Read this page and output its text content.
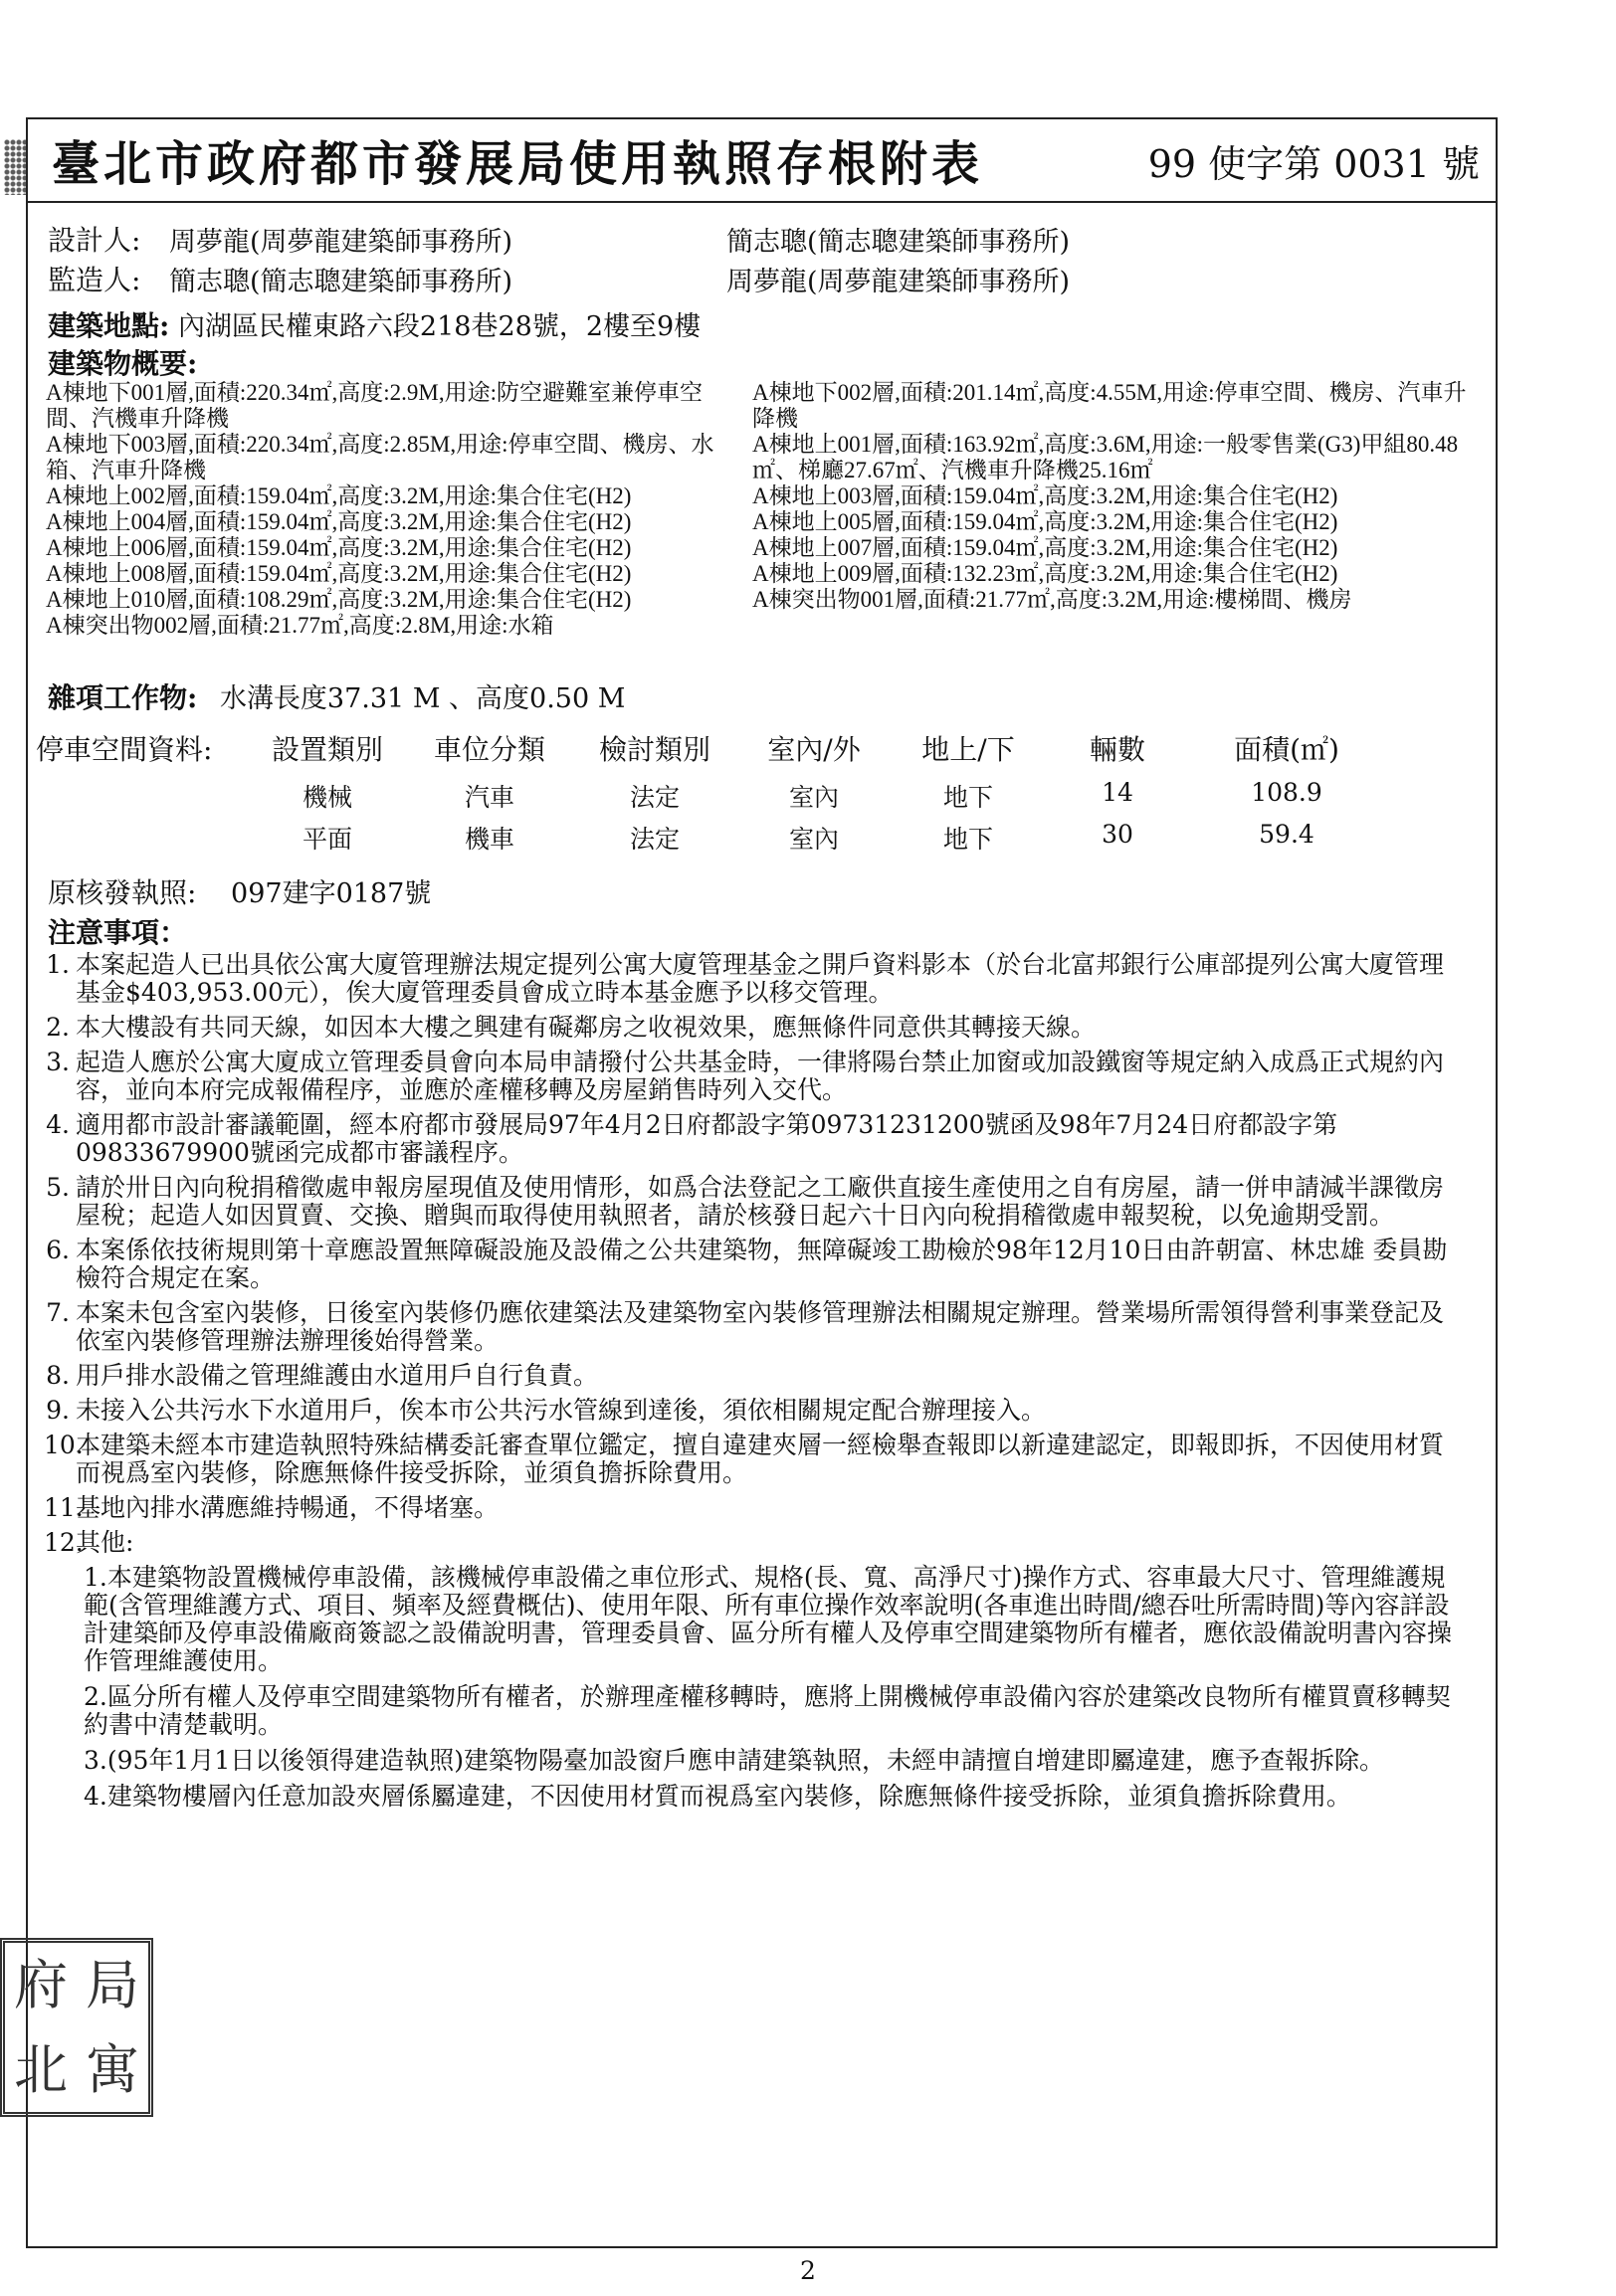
臺北市政府都市發展局使用執照存根附表	99 使字第 0031 號
設計人: 周夢龍(周夢龍建築師事務所)	簡志聰(簡志聰建築師事務所)
監造人: 簡志聰(簡志聰建築師事務所)	周夢龍(周夢龍建築師事務所)
建築地點: 內湖區民權東路六段218巷28號，2樓至9樓
建築物概要:
A棟地下001層,面積:220.34㎡,高度:2.9M,用途:防空避難室兼停車空間、汽機車升降機
A棟地下002層,面積:201.14㎡,高度:4.55M,用途:停車空間、機房、汽車升降機
A棟地下003層,面積:220.34㎡,高度:2.85M,用途:停車空間、機房、水箱、汽車升降機
A棟地上001層,面積:163.92㎡,高度:3.6M,用途:一般零售業(G3)甲組80.48㎡、梯廳27.67㎡、汽機車升降機25.16㎡
A棟地上002層,面積:159.04㎡,高度:3.2M,用途:集合住宅(H2)	A棟地上003層,面積:159.04㎡,高度:3.2M,用途:集合住宅(H2)
A棟地上004層,面積:159.04㎡,高度:3.2M,用途:集合住宅(H2)	A棟地上005層,面積:159.04㎡,高度:3.2M,用途:集合住宅(H2)
A棟地上006層,面積:159.04㎡,高度:3.2M,用途:集合住宅(H2)	A棟地上007層,面積:159.04㎡,高度:3.2M,用途:集合住宅(H2)
A棟地上008層,面積:159.04㎡,高度:3.2M,用途:集合住宅(H2)	A棟地上009層,面積:132.23㎡,高度:3.2M,用途:集合住宅(H2)
A棟地上010層,面積:108.29㎡,高度:3.2M,用途:集合住宅(H2)	A棟突出物001層,面積:21.77㎡,高度:3.2M,用途:樓梯間、機房
A棟突出物002層,面積:21.77㎡,高度:2.8M,用途:水箱
雜項工作物: 水溝長度37.31 M 、高度0.50 M
停車空間資料:	設置類別	車位分類	檢討類別	室內/外	地上/下	輛數	面積(㎡)
機械	汽車	法定	室內	地下	14	108.9
平面	機車	法定	室內	地下	30	59.4
原核發執照: 097建字0187號
注意事項：
1. 本案起造人已出具依公寓大廈管理辦法規定提列公寓大廈管理基金之開戶資料影本（於台北富邦銀行公庫部提列公寓大廈管理基金$403,953.00元），俟大廈管理委員會成立時本基金應予以移交管理。
2. 本大樓設有共同天線，如因本大樓之興建有礙鄰房之收視效果，應無條件同意供其轉接天線。
3. 起造人應於公寓大廈成立管理委員會向本局申請撥付公共基金時，一律將陽台禁止加窗或加設鐵窗等規定納入成爲正式規約內容，並向本府完成報備程序，並應於產權移轉及房屋銷售時列入交代。
4. 適用都市設計審議範圍，經本府都市發展局97年4月2日府都設字第09731231200號函及98年7月24日府都設字第09833679900號函完成都市審議程序。
5. 請於卅日內向稅捐稽徵處申報房屋現值及使用情形，如爲合法登記之工廠供直接生產使用之自有房屋，請一併申請減半課徵房屋稅；起造人如因買賣、交換、贈與而取得使用執照者，請於核發日起六十日內向稅捐稽徵處申報契稅，以免逾期受罰。
6. 本案係依技術規則第十章應設置無障礙設施及設備之公共建築物，無障礙竣工勘檢於98年12月10日由許朝富、林忠雄 委員勘檢符合規定在案。
7. 本案未包含室內裝修，日後室內裝修仍應依建築法及建築物室內裝修管理辦法相關規定辦理。營業場所需領得營利事業登記及依室內裝修管理辦法辦理後始得營業。
8. 用戶排水設備之管理維護由水道用戶自行負責。
9. 未接入公共污水下水道用戶，俟本市公共污水管線到達後，須依相關規定配合辦理接入。
10.
本建築未經本市建造執照特殊結構委託審查單位鑑定，擅自違建夾層一經檢舉查報即以新違建認定，即報即拆，不因使用材質而視爲室內裝修，除應無條件接受拆除，並須負擔拆除費用。
11.
基地內排水溝應維持暢通，不得堵塞。
12.
其他:
1.本建築物設置機械停車設備，該機械停車設備之車位形式、規格(長、寬、高淨尺寸)操作方式、容車最大尺寸、管理維護規範(含管理維護方式、項目、頻率及經費概估)、使用年限、所有車位操作效率說明(各車進出時間/總吞吐所需時間)等內容詳設計建築師及停車設備廠商簽認之設備說明書，管理委員會、區分所有權人及停車空間建築物所有權者，應依設備說明書內容操作管理維護使用。
2.區分所有權人及停車空間建築物所有權者，於辦理產權移轉時，應將上開機械停車設備內容於建築改良物所有權買賣移轉契約書中清楚載明。
3.(95年1月1日以後領得建造執照)建築物陽臺加設窗戶應申請建築執照，未經申請擅自增建即屬違建，應予查報拆除。
4.建築物樓層內任意加設夾層係屬違建，不因使用材質而視爲室內裝修，除應無條件接受拆除，並須負擔拆除費用。
府 局
北 寓
2
